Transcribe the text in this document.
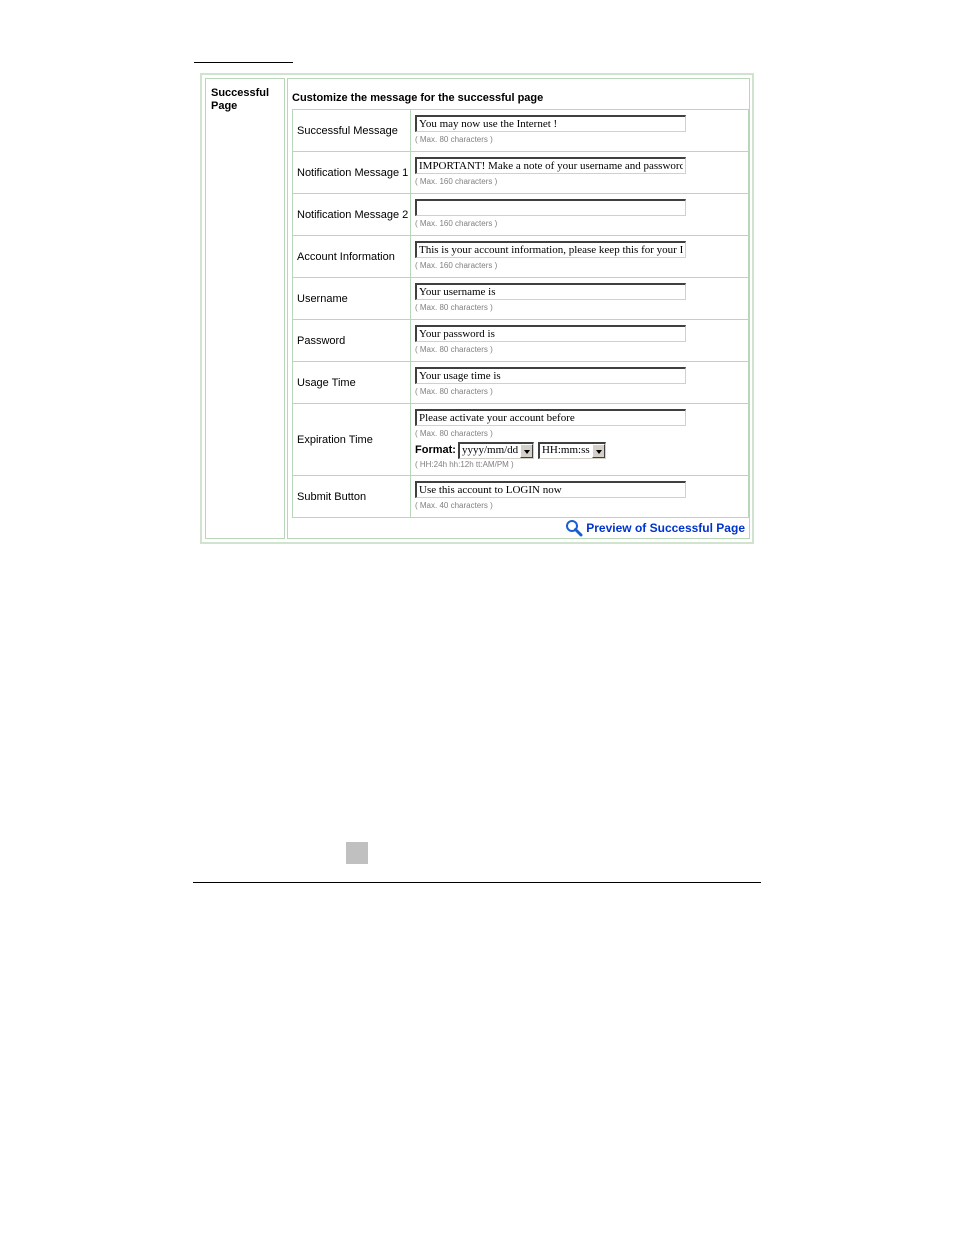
Successful Page
Customize the message for the successful page
Successful Message
You may now use the Internet !
( Max. 80 characters )
Notification Message 1
IMPORTANT! Make a note of your username and password for lo
( Max. 160 characters )
Notification Message 2
( Max. 160 characters )
Account Information
This is your account information, please keep this for your Internet S
( Max. 160 characters )
Username
Your username is
( Max. 80 characters )
Password
Your password is
( Max. 80 characters )
Usage Time
Your usage time is
( Max. 80 characters )
Expiration Time
Please activate your account before	( Max. 80 characters )
Format: yyyy/mm/dd HH:mm:ss
( HH:24h hh:12h tt:AM/PM )
Submit Button
Use this account to LOGIN now
( Max. 40 characters )
Preview of Successful Page
